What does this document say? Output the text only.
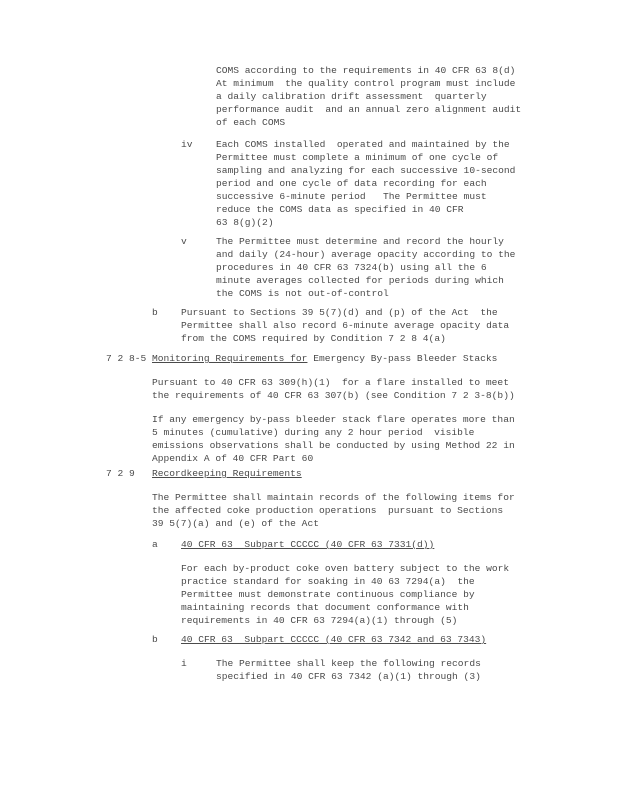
COMS according to the requirements in 40 CFR 63 8(d)
At minimum  the quality control program must include
a daily calibration drift assessment  quarterly
performance audit  and an annual zero alignment audit
of each COMS
iv Each COMS installed  operated and maintained by the
Permittee must complete a minimum of one cycle of
sampling and analyzing for each successive 10-second
period and one cycle of data recording for each
successive 6-minute period   The Permittee must
reduce the COMS data as specified in 40 CFR
63 8(g)(2)
v	The Permittee must determine and record the hourly
and daily (24-hour) average opacity according to the
procedures in 40 CFR 63 7324(b) using all the 6
minute averages collected for periods during which
the COMS is not out-of-control
b Pursuant to Sections 39 5(7)(d) and (p) of the Act  the
Permittee shall also record 6-minute average opacity data
from the COMS required by Condition 7 2 8 4(a)
7 2 8-5 Monitoring Requirements for Emergency By-pass Bleeder Stacks
Pursuant to 40 CFR 63 309(h)(1)  for a flare installed to meet
the requirements of 40 CFR 63 307(b) (see Condition 7 2 3-8(b))
If any emergency by-pass bleeder stack flare operates more than
5 minutes (cumulative) during any 2 hour period  visible
emissions observations shall be conducted by using Method 22 in
Appendix A of 40 CFR Part 60
7 2 9 Recordkeeping Requirements
The Permittee shall maintain records of the following items for
the affected coke production operations  pursuant to Sections
39 5(7)(a) and (e) of the Act
a 40 CFR 63  Subpart CCCCC (40 CFR 63 7331(d))
For each by-product coke oven battery subject to the work
practice standard for soaking in 40 63 7294(a)  the
Permittee must demonstrate continuous compliance by
maintaining records that document conformance with
requirements in 40 CFR 63 7294(a)(1) through (5)
b 40 CFR 63  Subpart CCCCC (40 CFR 63 7342 and 63 7343)
i	The Permittee shall keep the following records
specified in 40 CFR 63 7342 (a)(1) through (3)
